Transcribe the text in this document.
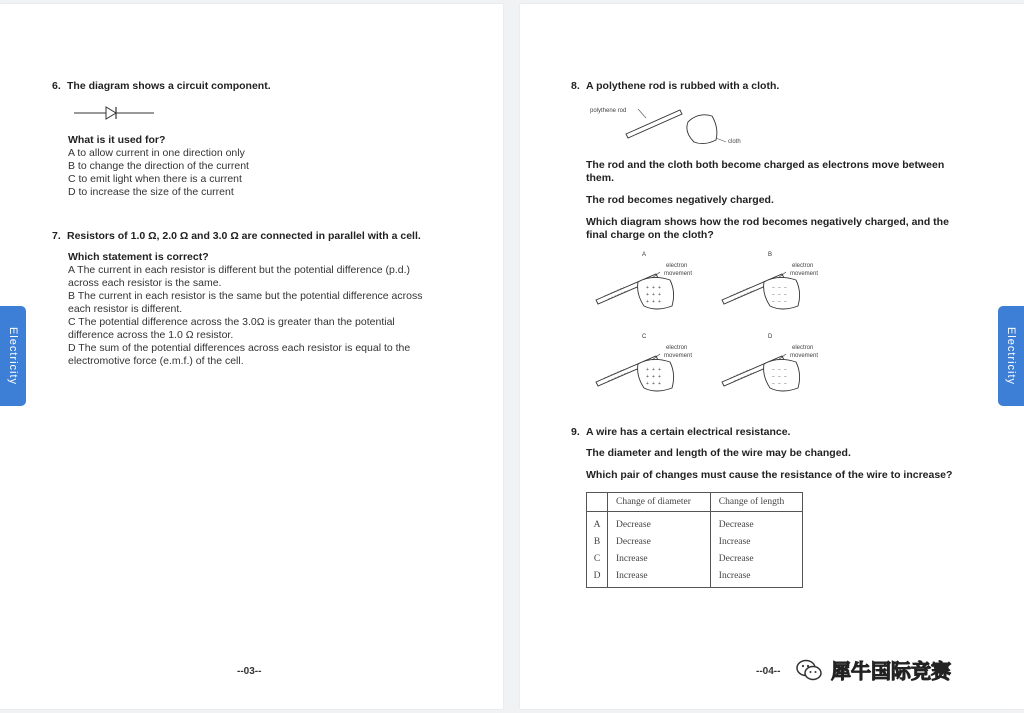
Electricity	Electricity
6. The diagram shows a circuit component.
What is it used for?
A to allow current in one direction only
B to change the direction of the current
C to emit light when there is a current
D to increase the size of the current
7. Resistors of 1.0 Ω, 2.0 Ω and 3.0 Ω are connected in parallel with a cell.
Which statement is correct?
A The current in each resistor is different but the potential difference (p.d.) across each resistor is the same.
B The current in each resistor is the same but the potential difference across each resistor is different.
C The potential difference across the 3.0Ω is greater than the potential difference across the 1.0 Ω resistor.
D The sum of the potential differences across each resistor is equal to the electromotive force (e.m.f.) of the cell.
--03--
8. A polythene rod is rubbed with a cloth.
polythene rod
cloth
The rod and the cloth both become charged as electrons move between them.
The rod becomes negatively charged.
Which diagram shows how the rod becomes negatively charged, and the final charge on the cloth?
+ + +
+ + +
+ + +
A
electron
movement
− − −
− − −
− − −
B
electron
movement
+ + +
+ + +
+ + +
C
electron
movement
− − −
− − −
− − −
D
electron
movement
9. A wire has a certain electrical resistance.
The diameter and length of the wire may be changed.
Which pair of changes must cause the resistance of the wire to increase?
	Change of diameter	Change of length
A	Decrease	Decrease
B	Decrease	Increase
C	Increase	Decrease
D	Increase	Increase
--04--	犀牛国际竞赛
